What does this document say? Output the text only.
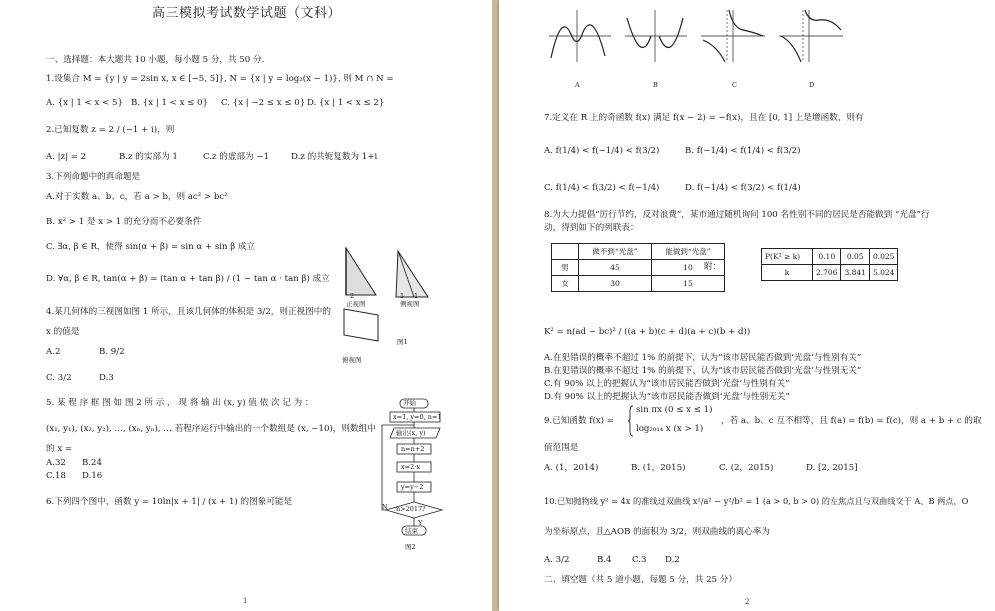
高三模拟考试数学试题（文科）
一、选择题：本大题共 10 小题，每小题 5 分，共 50 分.
1.设集合 M = {y | y = 2sin x, x ∈ [−5, 5]}, N = {x | y = log₂(x − 1)}, 则 M ∩ N =
A. {x | 1 < x < 5} B. {x | 1 < x ≤ 0} C. {x | −2 ≤ x ≤ 0} D. {x | 1 < x ≤ 2}
2.已知复数 z = 2 / (−1 + i)，则
A. |z| = 2	B.z 的实部为 1	C.z 的虚部为 −1	D.z 的共轭复数为 1+i
3.下列命题中的真命题是
A.对于实数 a、b、c，若 a > b，则 ac² > bc²
B. x² > 1 是 x > 1 的充分而不必要条件
C. ∃α, β ∈ R，使得 sin(α + β) = sin α + sin β 成立
D. ∀α, β ∈ R, tan(α + β) = (tan α + tan β) / (1 − tan α · tan β) 成立
4.某几何体的三视图如图 1 所示，且该几何体的体积是 3/2，则正视图中的
x 的值是
A.2	B. 9/2
C. 3/2	D.3
正视图	侧视图
俯视图
图1
2	1 1
5. 某 程 序 框 图 如 图 2 所 示 ， 现 将 输 出 (x, y) 值 依 次 记 为 ：
(x₁, y₁), (x₂, y₂), …, (xₙ, yₙ), … 若程序运行中输出的一个数组是 (x, −10)，则数组中
的 x =
A.32 B.24
C.18 D.16
开始
x=1, y=0, n=1
输出(x, y)
n=n+2
x=2·x
y=y−2
n>2017?
N
Y
结束
图2
6.下列四个图中，函数 y = 10ln|x + 1| / (x + 1) 的图象可能是
1
A	B	C	D
7.定义在 R 上的奇函数 f(x) 满足 f(x − 2) = −f(x)，且在 [0, 1] 上是增函数，则有
A. f(1/4) < f(−1/4) < f(3/2)	B. f(−1/4) < f(1/4) < f(3/2)
C. f(1/4) < f(3/2) < f(−1/4)	D. f(−1/4) < f(3/2) < f(1/4)
8.为大力提倡“厉行节约，反对浪费”，某市通过随机询问 100 名性别不同的居民是否能做到 “光盘”行
动，得到如下的列联表：
	做不到“光盘”	能做到“光盘”
男	45	10
女	30	15
附：
P(K² ≥ k)	0.10	0.05	0.025
k	2.706	3.841	5.024
K² = n(ad − bc)² / ((a + b)(c + d)(a + c)(b + d))
A.在犯错误的概率不超过 1% 的前提下，认为“该市居民能否做到‘光盘’与性别有关”
B.在犯错误的概率不超过 1% 的前提下，认为“该市居民能否做到‘光盘’与性别无关”
C.有 90% 以上的把握认为“该市居民能否做到‘光盘’与性别有关”
D.有 90% 以上的把握认为“该市居民能否做到‘光盘’与性别无关”
9.已知函数 f(x) =
sin πx (0 ≤ x ≤ 1)
log₂₀₁₄ x (x > 1)
，若 a、b、c 互不相等，且 f(a) = f(b) = f(c)，则 a + b + c 的取
值范围是
A. (1，2014)	B. (1，2015)	C. (2，2015)	D. [2, 2015]
10.已知抛物线 y² = 4x 的准线过双曲线 x²/a² − y²/b² = 1 (a > 0, b > 0) 的左焦点且与双曲线交于 A、B 两点，O
为坐标原点，且△AOB 的面积为 3/2，则双曲线的离心率为
A. 3/2	B.4 C.3 D.2
二、填空题（共 5 道小题，每题 5 分，共 25 分）
2
